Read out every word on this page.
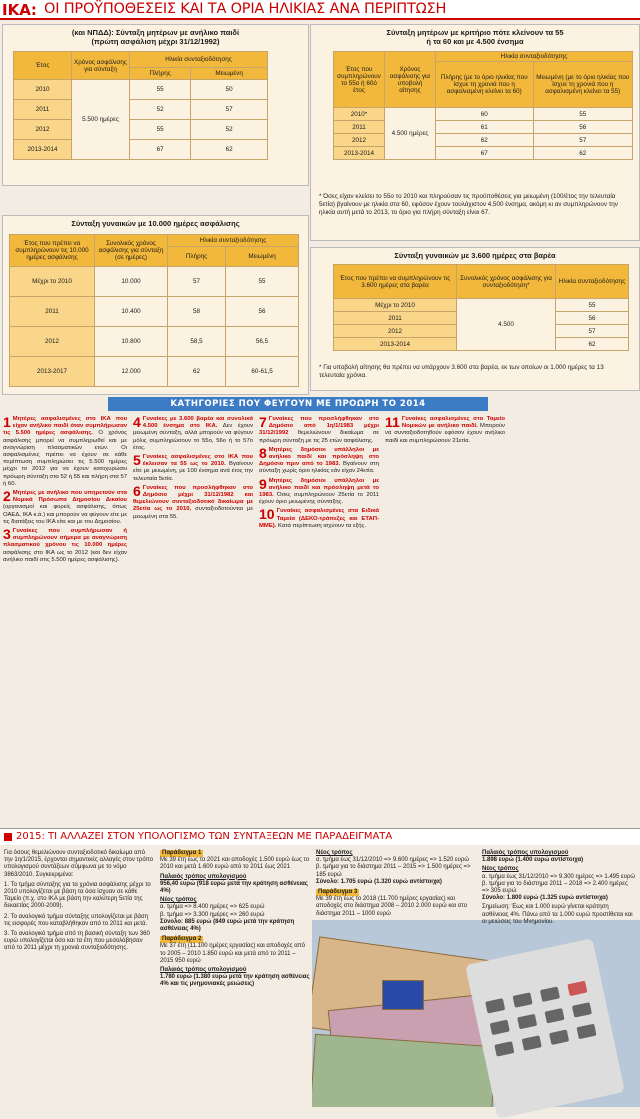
ΙΚΑ: ΟΙ ΠΡΟΫΠΟΘΕΣΕΙΣ ΚΑΙ ΤΑ ΟΡΙΑ ΗΛΙΚΙΑΣ ΑΝΑ ΠΕΡΙΠΤΩΣΗ
(και ΝΠΔΔ): Σύνταξη μητέρων με ανήλικο παιδί
(πρώτη ασφάλιση μέχρι 31/12/1992)
Έτος	Χρόνος ασφάλισης για σύνταξη	Ηλικία συνταξιοδότησης	
		Πλήρης	Μειωμένη
2010	5.500 ημέρες	55	50
2011		52	57
2012		55	52
2013-2014		67	62
Σύνταξη μητέρων με κριτήριο πότε κλείνουν τα 55
ή τα 60 και με 4.500 ένσημα
Έτος που συμπληρώνουν το 55ο ή 60ό έτος	Χρόνος ασφάλισης για υποβολή αίτησης	Ηλικία συνταξιοδότησης	
		Πλήρης (με το όριο ηλικίας που ίσχυε τη χρονιά που η ασφαλισμένη κλείνει τα 60)	Μειωμένη (με το όριο ηλικίας που ίσχυε τη χρονιά που η ασφαλισμένη κλείνει τα 55)
2010*	4.500 ημέρες	60	55
2011		61	56
2012		62	57
2013-2014		67	62
* Όσες είχαν κλείσει το 55ο το 2010 και πληρούσαν τις προϋποθέσεις για μειωμένη (100/έτος την τελευταία 5ετία) βγαίνουν με ηλικία στα 60, εφόσον έχουν τουλάχιστον 4.500 ένσημα, ακόμη κι αν συμπληρώνουν την ηλικία αυτή μετά το 2013, το όριο για πλήρη σύνταξη είναι 67.
Σύνταξη γυναικών με 10.000 ημέρες ασφάλισης
Έτος που πρέπει να συμπληρώνουν τις 10.000 ημέρες ασφάλισης	Συνολικός χρόνος ασφάλισης για σύνταξη (σε ημέρες)	Ηλικία συνταξιοδότησης	
		Πλήρης	Μειωμένη
Μέχρι το 2010	10.000	57	55
2011	10.400	58	56
2012	10.800	58,5	56,5
2013-2017	12.000	62	60-61,5
Σύνταξη γυναικών με 3.600 ημέρες στα βαρέα
Έτος που πρέπει να συμπληρώνουν τις 3.600 ημέρες στα βαρέα	Συνολικός χρόνος ασφάλισης για συνταξιοδότηση*	Ηλικία συνταξιοδότησης
Μέχρι το 2010	4.500	55
2011		56
2012		57
2013-2014		62
* Για υποβολή αίτησης θα πρέπει να υπάρχουν 3.600 στα βαρέα, εκ των οποίων οι 1.000 ημέρες τα 13 τελευταία χρόνια.
ΚΑΤΗΓΟΡΙΕΣ ΠΟΥ ΦΕΥΓΟΥΝ ΜΕ ΠΡΟΩΡΗ ΤΟ 2014

1 Μητέρες ασφαλισμένες στο ΙΚΑ που είχαν ανήλικο παιδί όταν συμπλήρωσαν τις 5.500 ημέρες ασφάλισης. Ο χρόνος ασφάλισης μπορεί να συμπληρωθεί και με αναγνώριση πλασματικών ετών. Οι ασφαλισμένες πρέπει να έχουν σε κάθε περίπτωση συμπληρώσει τις 5.500 ημέρες μέχρι το 2012 για να έχουν κατοχυρώσει πρόωρη σύνταξη στα 52 ή 55 και πλήρη στα 57 ή 60.

2 Μητέρες με ανήλικο που υπηρετούν στα Νομικά Πρόσωπα Δημοσίου Δικαίου (οργανισμοί και φορείς ασφάλισης, όπως ΟΑΕΔ, ΙΚΑ κ.ά.) και μπορούν να φύγουν είτε με τις διατάξεις του ΙΚΑ είτε και με του Δημοσίου.

3 Γυναίκες που συμπλήρωσαν ή συμπληρώνουν σήμερα με αναγνώριση πλασματικού χρόνου τις 10.000 ημέρες ασφάλισης στο ΙΚΑ ως το 2012 (και δεν είχαν ανήλικο παιδί στις 5.500 ημέρες ασφάλισης).

4 Γυναίκες με 3.600 βαρέα και συνολικά 4.500 ένσημα στο ΙΚΑ. Δεν έχουν μειωμένη σύνταξη, αλλά μπορούν να φύγουν μόλις συμπληρώσουν το 55ο, 56ο ή το 57ο έτος.

5 Γυναίκες ασφαλισμένες στο ΙΚΑ που έκλεισαν τα 55 ως το 2010. Βγαίνουν είτε με μειωμένη, με 100 ένσημα ανά έτος την τελευταία 5ετία.

6 Γυναίκες που προσλήφθηκαν στο Δημόσιο μέχρι 31/12/1982 και θεμελιώνουν συνταξιοδοτικό δικαίωμα με 25ετία ως το 2010, συνταξιοδοτούνται με μειωμένη στα 55.

7 Γυναίκες που προσλήφθηκαν στο Δημόσιο από 1η/1/1983 μέχρι 31/12/1992 θεμελιώνουν δικαίωμα σε πρόωρη σύνταξη με τις 25 ετών ασφάλισης.

8 Μητέρες δημόσιοι υπάλληλοι με ανήλικο παιδί και πρόσληψη στο Δημόσιο πριν από το 1983. Βγαίνουν στη σύνταξη χωρίς όριο ηλικίας εάν είχαν 24ετία.

9 Μητέρες δημόσιοι υπάλληλοι με ανήλικο παιδί και πρόσληψη μετά το 1983. Όσες συμπληρώνουν 25ετία το 2011 έχουν όριο μειωμένης σύνταξης.

10 Γυναίκες ασφαλισμένες στα Ειδικά Ταμεία (ΔΕΚΟ-τράπεζες και ΕΤΑΠ-ΜΜΕ). Κατά περίπτωση ισχύουν τα εξής.

11 Γυναίκες ασφαλισμένες στο Ταμείο Νομικών με ανήλικο παιδί. Μπορούν να συνταξιοδοτηθούν εφόσον έχουν ανήλικο παιδί και συμπληρώσουν 21ετία.

2015: ΤΙ ΑΛΛΑΖΕΙ ΣΤΟΝ ΥΠΟΛΟΓΙΣΜΟ ΤΩΝ ΣΥΝΤΑΞΕΩΝ ΜΕ ΠΑΡΑΔΕΙΓΜΑΤΑ
Για όσους θεμελιώνουν συνταξιοδοτικό δικαίωμα από την 1η/1/2015, έρχονται σημαντικές αλλαγές στον τρόπο υπολογισμού συντάξεων σύμφωνα με το νόμο 3863/2010. Συγκεκριμένα:
1. Το τμήμα σύνταξης για τα χρόνια ασφάλισης μέχρι το 2010 υπολογίζεται με βάση τα όσα ίσχυαν σε κάθε Ταμείο (π.χ. στο ΙΚΑ με βάση την καλύτερη 5ετία της δεκαετίας 2000-2009).
2. Το αναλογικό τμήμα σύνταξης υπολογίζεται με βάση τις εισφορές που καταβλήθηκαν από το 2011 και μετά.
3. Το αναλογικό τμήμα από τη βασική σύνταξη των 360 ευρώ υπολογίζεται όσο και τα έτη που μεσολάβησαν από το 2011 μέχρι τη χρονιά συνταξιοδότησης.
Παράδειγμα 1
Με 39 έτη έως το 2021 και αποδοχές 1.500 ευρώ έως το 2010 και μετά 1.600 ευρώ από το 2011 έως 2021
Παλαιός τρόπος υπολογισμού
956,40 ευρώ (918 ευρώ μετά την κράτηση ασθένειας 4%)
Νέος τρόπος
α. τμήμα => 8.400 ημέρες => 625 ευρώ
β. τμήμα => 3.300 ημέρες => 260 ευρώ
Σύνολο: 885 ευρώ (849 ευρώ μετά την κράτηση ασθένειας 4%)
Παράδειγμα 2
Με 37 έτη (11.100 ημέρες εργασίας) και αποδοχές από το 2005 – 2010 1.850 ευρώ και μετά από το 2011 – 2015 950 ευρώ
Παλαιός τρόπος υπολογισμού
1.780 ευρώ (1.380 ευρώ μετά την κράτηση ασθένειας 4% και τις μνημονιακές μειώσεις)
Νέος τρόπος
α. τμήμα έως 31/12/2010 => 9.600 ημέρες => 1.520 ευρώ
β. τμήμα για το διάστημα 2011 – 2015 => 1.500 ημέρες => 185 ευρώ
Σύνολο: 1.705 ευρώ (1.320 ευρώ αντίστοιχα)
Παράδειγμα 3
Με 39 έτη έως το 2018 (11.700 ημέρες εργασίας) και αποδοχές στο διάστημα 2008 – 2010 2.000 ευρώ και στο διάστημα 2011 – 1000 ευρώ
Παλαιός τρόπος υπολογισμού
1.898 ευρώ (1.400 ευρώ αντίστοιχα)
Νέος τρόπος
α. τμήμα έως 31/12/2010 => 9.300 ημέρες => 1.495 ευρώ
β. τμήμα για το διάστημα 2011 – 2018 => 2.400 ημέρες => 305 ευρώ
Σύνολο: 1.800 ευρώ (1.325 ευρώ αντίστοιχα)
Σημείωση: Έως και 1.000 ευρώ γίνεται κράτηση ασθένειας 4%. Πάνω από τα 1.000 ευρώ προστίθεται και οι μειώσεις του Μνημονίου.
